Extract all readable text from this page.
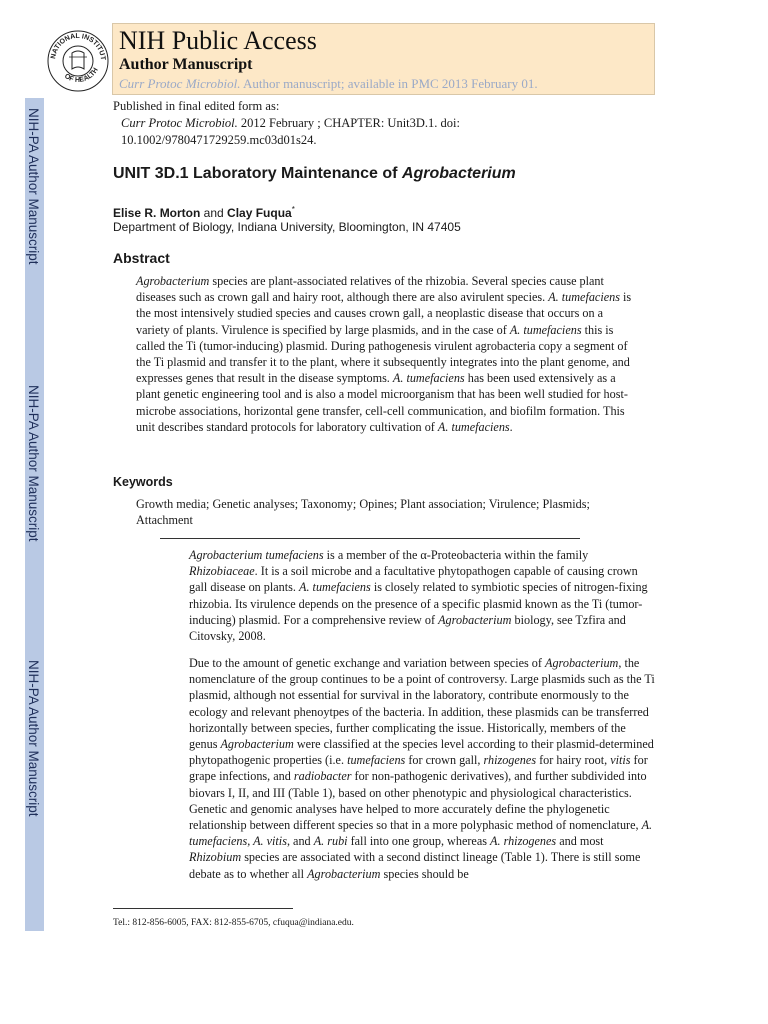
NIH-PA Author Manuscript
NIH-PA Author Manuscript
NIH-PA Author Manuscript
NATIONAL INSTITUT
OF HEALTH
NIH Public Access
Author Manuscript
Curr Protoc Microbiol. Author manuscript; available in PMC 2013 February 01.
Published in final edited form as:
Curr Protoc Microbiol. 2012 February ; CHAPTER: Unit3D.1. doi:
10.1002/9780471729259.mc03d01s24.
UNIT 3D.1 Laboratory Maintenance of Agrobacterium
Elise R. Morton and Clay Fuqua*
Department of Biology, Indiana University, Bloomington, IN 47405
Abstract

Agrobacterium species are plant-associated relatives of the rhizobia. Several species cause plant diseases such as crown gall and hairy root, although there are also avirulent species. A. tumefaciens is the most intensively studied species and causes crown gall, a neoplastic disease that occurs on a variety of plants. Virulence is specified by large plasmids, and in the case of A. tumefaciens this is called the Ti (tumor-inducing) plasmid. During pathogenesis virulent agrobacteria copy a segment of the Ti plasmid and transfer it to the plant, where it subsequently integrates into the plant genome, and expresses genes that result in the disease symptoms. A. tumefaciens has been used extensively as a plant genetic engineering tool and is also a model microorganism that has been well studied for host-microbe associations, horizontal gene transfer, cell-cell communication, and biofilm formation. This unit describes standard protocols for laboratory cultivation of A. tumefaciens.

Keywords

Growth media; Genetic analyses; Taxonomy; Opines; Plant association; Virulence; Plasmids; Attachment

Agrobacterium tumefaciens is a member of the α-Proteobacteria within the family Rhizobiaceae. It is a soil microbe and a facultative phytopathogen capable of causing crown gall disease on plants. A. tumefaciens is closely related to symbiotic species of nitrogen-fixing rhizobia. Its virulence depends on the presence of a specific plasmid known as the Ti (tumor-inducing) plasmid. For a comprehensive review of Agrobacterium biology, see Tzfira and Citovsky, 2008.

Due to the amount of genetic exchange and variation between species of Agrobacterium, the nomenclature of the group continues to be a point of controversy. Large plasmids such as the Ti plasmid, although not essential for survival in the laboratory, contribute enormously to the ecology and relevant phenoytpes of the bacteria. In addition, these plasmids can be transferred horizontally between species, further complicating the issue. Historically, members of the genus Agrobacterium were classified at the species level according to their plasmid-determined phytopathogenic properties (i.e. tumefaciens for crown gall, rhizogenes for hairy root, vitis for grape infections, and radiobacter for non-pathogenic derivatives), and further subdivided into biovars I, II, and III (Table 1), based on other phenotypic and physiological characteristics. Genetic and genomic analyses have helped to more accurately define the phylogenetic relationship between different species so that in a more polyphasic method of nomenclature, A. tumefaciens, A. vitis, and A. rubi fall into one group, whereas A. rhizogenes and most Rhizobium species are associated with a second distinct lineage (Table 1). There is still some debate as to whether all Agrobacterium species should be

Tel.: 812-856-6005, FAX: 812-855-6705, cfuqua@indiana.edu.
